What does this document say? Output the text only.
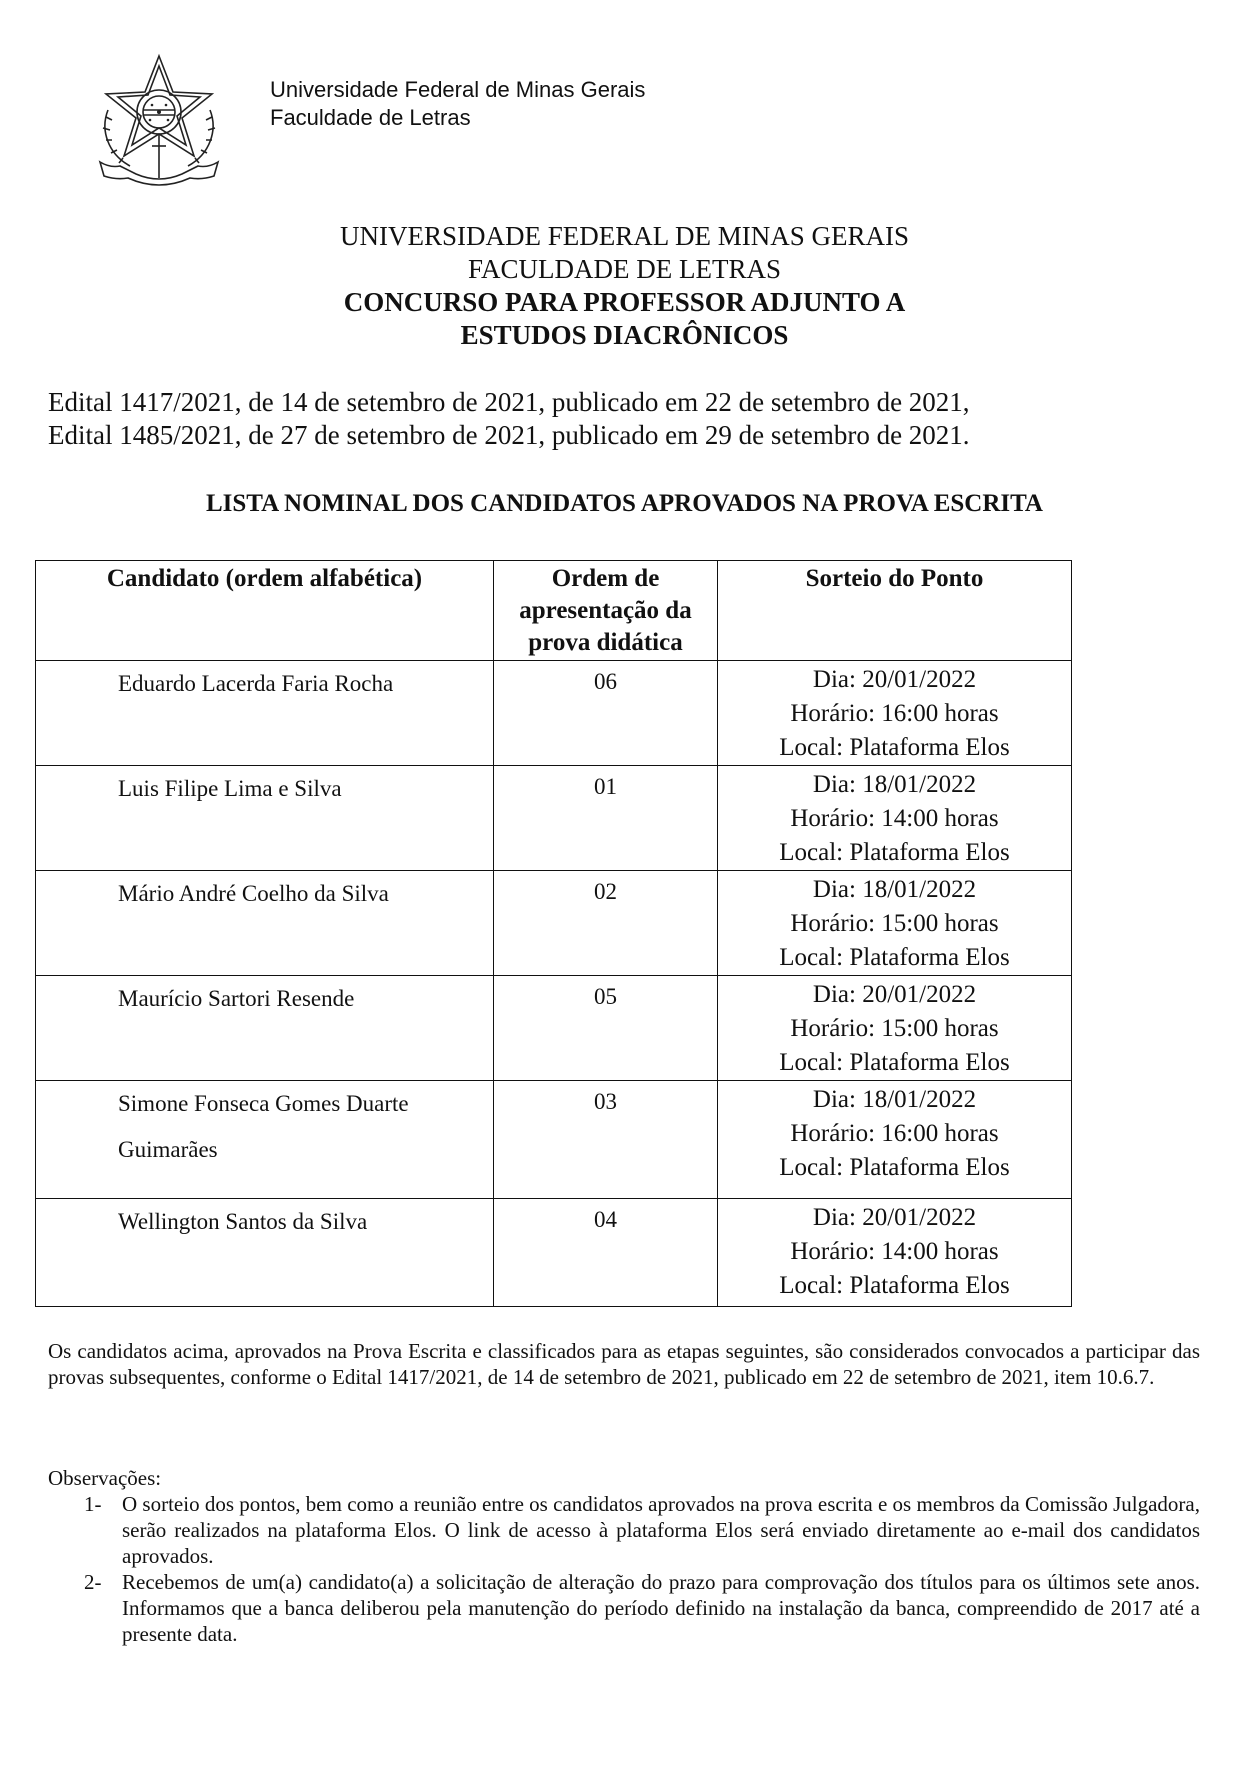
Universidade Federal de Minas Gerais
Faculdade de Letras
UNIVERSIDADE FEDERAL DE MINAS GERAIS
FACULDADE DE LETRAS
CONCURSO PARA PROFESSOR ADJUNTO A
ESTUDOS DIACRÔNICOS
Edital 1417/2021, de 14 de setembro de 2021, publicado em 22 de setembro de 2021,
Edital 1485/2021, de 27 de setembro de 2021, publicado em 29 de setembro de 2021.
LISTA NOMINAL DOS CANDIDATOS APROVADOS NA PROVA ESCRITA
Candidato (ordem alfabética)	Ordem de apresentação da prova didática	Sorteio do Ponto
Eduardo Lacerda Faria Rocha	06	Dia: 20/01/2022
Horário: 16:00 horas
Local: Plataforma Elos

Luis Filipe Lima e Silva	01	Dia: 18/01/2022
Horário: 14:00 horas
Local: Plataforma Elos

Mário André Coelho da Silva	02	Dia: 18/01/2022
Horário: 15:00 horas
Local: Plataforma Elos

Maurício Sartori Resende	05	Dia: 20/01/2022
Horário: 15:00 horas
Local: Plataforma Elos

Simone Fonseca Gomes Duarte Guimarães	03	Dia: 18/01/2022
Horário: 16:00 horas
Local: Plataforma Elos

Wellington Santos da Silva	04	Dia: 20/01/2022
Horário: 14:00 horas
Local: Plataforma Elos
Os candidatos acima, aprovados na Prova Escrita e classificados para as etapas seguintes, são considerados convocados a participar das provas subsequentes, conforme o Edital 1417/2021, de 14 de setembro de 2021, publicado em 22 de setembro de 2021, item 10.6.7.
Observações:
1- O sorteio dos pontos, bem como a reunião entre os candidatos aprovados na prova escrita e os membros da Comissão Julgadora, serão realizados na plataforma Elos. O link de acesso à plataforma Elos será enviado diretamente ao e-mail dos candidatos aprovados.
2- Recebemos de um(a) candidato(a) a solicitação de alteração do prazo para comprovação dos títulos para os últimos sete anos. Informamos que a banca deliberou pela manutenção do período definido na instalação da banca, compreendido de 2017 até a presente data.
